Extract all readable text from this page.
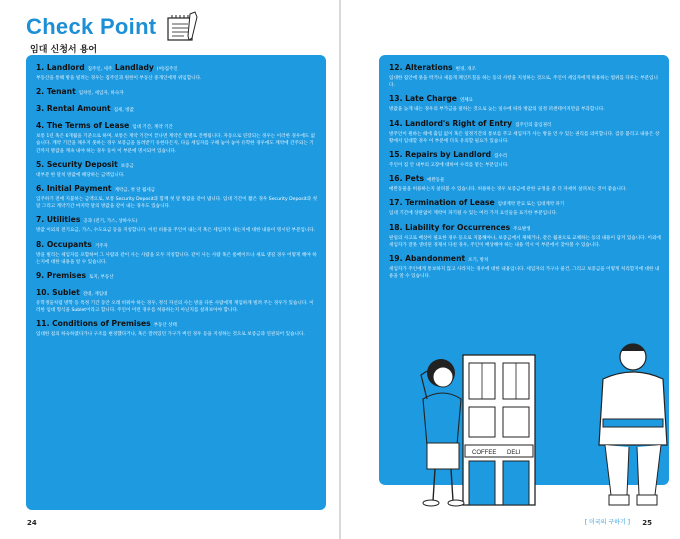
Check Point
임대 신청서 용어
1. Landlord 집주인, 세주 Landlady (여)집주인
부동산을 통해 방을 빌려는 경우는 집주인과 원한이 부동산 중개인에게 위임합니다.
2. Tenant 임차인, 세입자, 하숙자
3. Rental Amount 집세, 방값
4. The Terms of Lease 임대 기간, 계약 기간
보통 1년 혹은 6개월을 기준으로 하며, 보통은 계약 기간이 끝나면 계약은 달별로 진행됩니다. 자동으로 연장되는 경우는 이러한 경우에도 없습니다. 계약 기간을 채우지 못하는 경우 보증금을 돌려받기 유한다든지, 다음 세입자를 구해 놓아 놓아 유학한 경우에도 계약에 간주되는 기간까지 방값을 계속 내야 하는 경우 등이 이 부분에 명시되어 있습니다.
5. Security Deposit 보증금
대부분 한 달치 방값에 해당하는 금액입니다.
6. Initial Payment 계약금, 첫 달 월세금
입주하기 전에 지불하는 금액으로, 보통 Security Deposit과 함께 첫 달 방값을 같이 냅니다. 임대 기간이 짧은 경우 Security Deposit과 첫 달 그리고 계약기간 마지막 달의 방값을 같이 내는 경우도 있습니다.
7. Utilities 공과 (전기, 가스, 상하수도)
방값 이외의 전기요금, 가스, 수도요금 등을 지칭합니다. 이런 비용을 주인이 내는지 혹은 세입자가 내는지에 대한 내용이 명시된 부분입니다.
8. Occupants 거주자
방을 빌리는 세입자를 포함하여 그 사람과 같이 사는 사람을 모두 지칭합니다. 같이 사는 사람 혹은 룸메이트나 새로 생길 경우 어떻게 해야 하는지에 대한 내용을 알 수 있습니다.
9. Premises 토지, 부동산
10. Sublet 전대, 재임대
유학생들처럼 방학 등 특정 기간 동안 오래 비워야 하는 경우, 정식 자신의 사는 방을 다른 사람에게 재임하게 빌려 주는 경우가 있습니다. 이러한 임대 형식을 Sublet이라고 합니다. 주인이 이런 경우를 허용하는지 아닌지를 살펴보아야 합니다.
11. Conditions of Premises 부동산 상태
임대한 집의 하숙하였다가나 구조를 변경했다거나, 혹은 깔려있던 가구가 버린 경우 등을 지칭하는 것으로 보증금과 연관되어 있습니다.
24
12. Alterations 변경, 개조
임대한 집안에 못을 박거나 새롭게 페인트칠을 하는 등의 사항을 지칭하는 것으로, 주인이 세입자에게 허용하는 범위를 다루는 부분입니다.
13. Late Charge 연체료
방값을 늦게 내는 경우의 부가금을 말하는 것으로 늦는 일수에 따라 방값의 일정 퍼센테이지만큼 부과합니다.
14. Landlord's Right of Entry 집주인의 출입권리
방주인이 원하는 때에 출입 없이 혹은 일정기간의 통보를 주고 세입자가 사는 방을 언 수 있는 권리를 의미합니다. 검증 불리고 내용은 상황에서 임대할 경우 이 부분에 더욱 유의할 필요가 있습니다.
15. Repairs by Landlord 집수리
주인이 집 안 내부의 고장에 대하여 수리를 맡는 부분입니다.
16. Pets 애완동물
애완동물을 허용하는지 살펴볼 수 있습니다. 허용하는 경우 보증금에 관한 규정을 좀 더 자세히 살펴보는 것이 좋습니다.
17. Termination of Lease 임대계약 만료 또는 임대계약 파기
임대 기간에 상관없이 계약이 파기될 수 있는 여러 가지 요인들을 표기한 부분입니다.
18. Liability for Occurrences 주요발생
판일의 사고로 배상이 필요한 경우 등으로 지불해야나, 보증금에서 제해거나, 같은 월권으로 교체하는 등의 내용이 담겨 있습니다. 이외에 세입자가 잘못 생비된 경제서 다친 경우, 주인이 배상해야 하는 내용 역시 이 부분에서 찾아볼 수 있습니다.
19. Abandonment 포기, 방치
세입자가 주인에게 통보하지 않고 사라지는 경우에 대한 내용입니다. 세입자의 가구나 물건, 그리고 보증금을 어떻게 처리할지에 대한 내용을 알 수 있습니다.
COFFEE DELI
[ 미국의 구하기 ] 25
